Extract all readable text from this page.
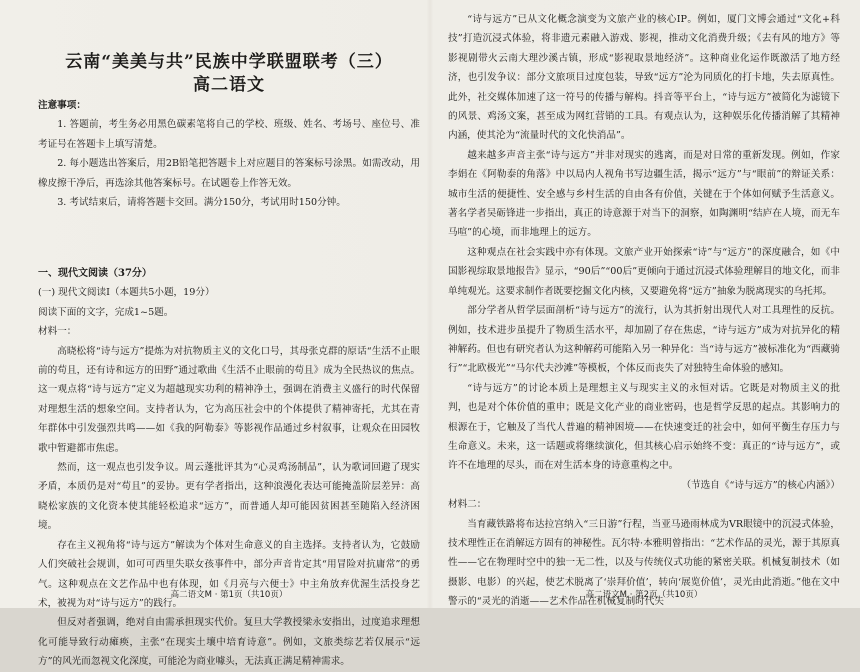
云南“美美与共”民族中学联盟联考（三）
高二语文

注意事项：

1. 答题前，考生务必用黑色碳素笔将自己的学校、班级、姓名、考场号、座位号、准考证号在答题卡上填写清楚。

2. 每小题选出答案后，用2B铅笔把答题卡上对应题目的答案标号涂黑。如需改动，用橡皮擦干净后，再选涂其他答案标号。在试题卷上作答无效。

3. 考试结束后，请将答题卡交回。满分150分，考试用时150分钟。

一、现代文阅读（37分）

(一) 现代文阅读Ⅰ（本题共5小题，19分）

阅读下面的文字，完成1~5题。

材料一：

高晓松将“诗与远方”提炼为对抗物质主义的文化口号，其母张克群的原话“生活不止眼前的苟且，还有诗和远方的田野”通过歌曲《生活不止眼前的苟且》成为全民热议的焦点。这一观点将“诗与远方”定义为超越现实功利的精神净土，强调在消费主义盛行的时代保留对理想生活的想象空间。支持者认为，它为高压社会中的个体提供了精神寄托，尤其在青年群体中引发强烈共鸣——如《我的阿勒泰》等影视作品通过乡村叙事，让观众在田园牧歌中暂避都市焦虑。

然而，这一观点也引发争议。周云蓬批评其为“心灵鸡汤制品”，认为歌词回避了现实矛盾，本质仍是对“苟且”的妥协。更有学者指出，这种浪漫化表达可能掩盖阶层差异：高晓松家族的文化资本使其能轻松追求“远方”，而普通人却可能因贫困甚至随陷入经济困境。

存在主义视角将“诗与远方”解读为个体对生命意义的自主选择。支持者认为，它鼓励人们突破社会规训，如可可西里失联女孩事件中，部分声音肯定其“用冒险对抗庸常”的勇气。这种观点在文艺作品中也有体现，如《月亮与六便士》中主角放弃优渥生活投身艺术，被视为对“诗与远方”的践行。

但反对者强调，绝对自由需承担现实代价。复旦大学教授梁永安指出，过度追求理想化可能导致行动瘫痪，主张“在现实土壤中培育诗意”。例如，文旅类综艺若仅展示“远方”的风光而忽视文化深度，可能沦为商业噱头，无法真正满足精神需求。

高二语文M · 第1页（共10页）

“诗与远方”已从文化概念演变为文旅产业的核心IP。例如，厦门文博会通过“文化+科技”打造沉浸式体验，将非遗元素融入游戏、影视，推动文化消费升级；《去有风的地方》等影视剧带火云南大理沙溪古镇，形成“影视取景地经济”。这种商业化运作既激活了地方经济，也引发争议：部分文旅项目过度包装，导致“远方”沦为同质化的打卡地，失去原真性。此外，社交媒体加速了这一符号的传播与解构。抖音等平台上，“诗与远方”被简化为滤镜下的风景、鸡汤文案，甚至成为网红营销的工具。有观点认为，这种娱乐化传播消解了其精神内涵，使其沦为“流量时代的文化快消品”。

越来越多声音主张“诗与远方”并非对现实的逃离，而是对日常的重新发现。例如，作家李娟在《阿勒泰的角落》中以局内人视角书写边疆生活，揭示“远方”与“眼前”的辩证关系：城市生活的便捷性、安全感与乡村生活的自由各有价值，关键在于个体如何赋予生活意义。著名学者吴砺锋进一步指出，真正的诗意源于对当下的洞察，如陶渊明“结庐在人境，而无车马喧”的心境，而非地理上的远方。

这种观点在社会实践中亦有体现。文旅产业开始探索“诗”与“远方”的深度融合，如《中国影视综取景地报告》显示，“90后”“00后”更倾向于通过沉浸式体验理解目的地文化，而非单纯观光。这要求制作者既要挖掘文化内核，又要避免将“远方”抽象为脱离现实的乌托邦。

部分学者从哲学层面剖析“诗与远方”的流行，认为其折射出现代人对工具理性的反抗。例如，技术进步虽提升了物质生活水平，却加剧了存在焦虑，“诗与远方”成为对抗异化的精神解药。但也有研究者认为这种解药可能陷入另一种异化：当“诗与远方”被标准化为“西藏骑行”“北欧极光”“马尔代夫沙滩”等模板，个体反而丧失了对独特生命体验的感知。

“诗与远方”的讨论本质上是理想主义与现实主义的永恒对话。它既是对物质主义的批判，也是对个体价值的重申；既是文化产业的商业密码，也是哲学反思的起点。其影响力的根源在于，它触及了当代人普遍的精神困境——在快速变迁的社会中，如何平衡生存压力与生命意义。未来，这一话题或将继续演化，但其核心启示始终不变：真正的“诗与远方”，或许不在地理的尽头，而在对生活本身的诗意重构之中。

（节选自《“诗与远方”的核心内涵》）

材料二：

当育藏铁路将布达拉宫纳入“三日游”行程，当亚马逊雨林成为VR眼镜中的沉浸式体验，技术理性正在消解远方固有的神秘性。瓦尔特·本雅明曾指出：“艺术作品的灵光，源于其原真性——它在物理时空中的独一无二性，以及与传统仪式功能的紧密关联。机械复制技术（如摄影、电影）的兴起，使艺术脱离了‘崇拜价值’，转向‘展览价值’，灵光由此消逝。”他在文中警示的“灵光的消逝——艺术作品在机械复制时代失

高二语文M · 第2页（共10页）
